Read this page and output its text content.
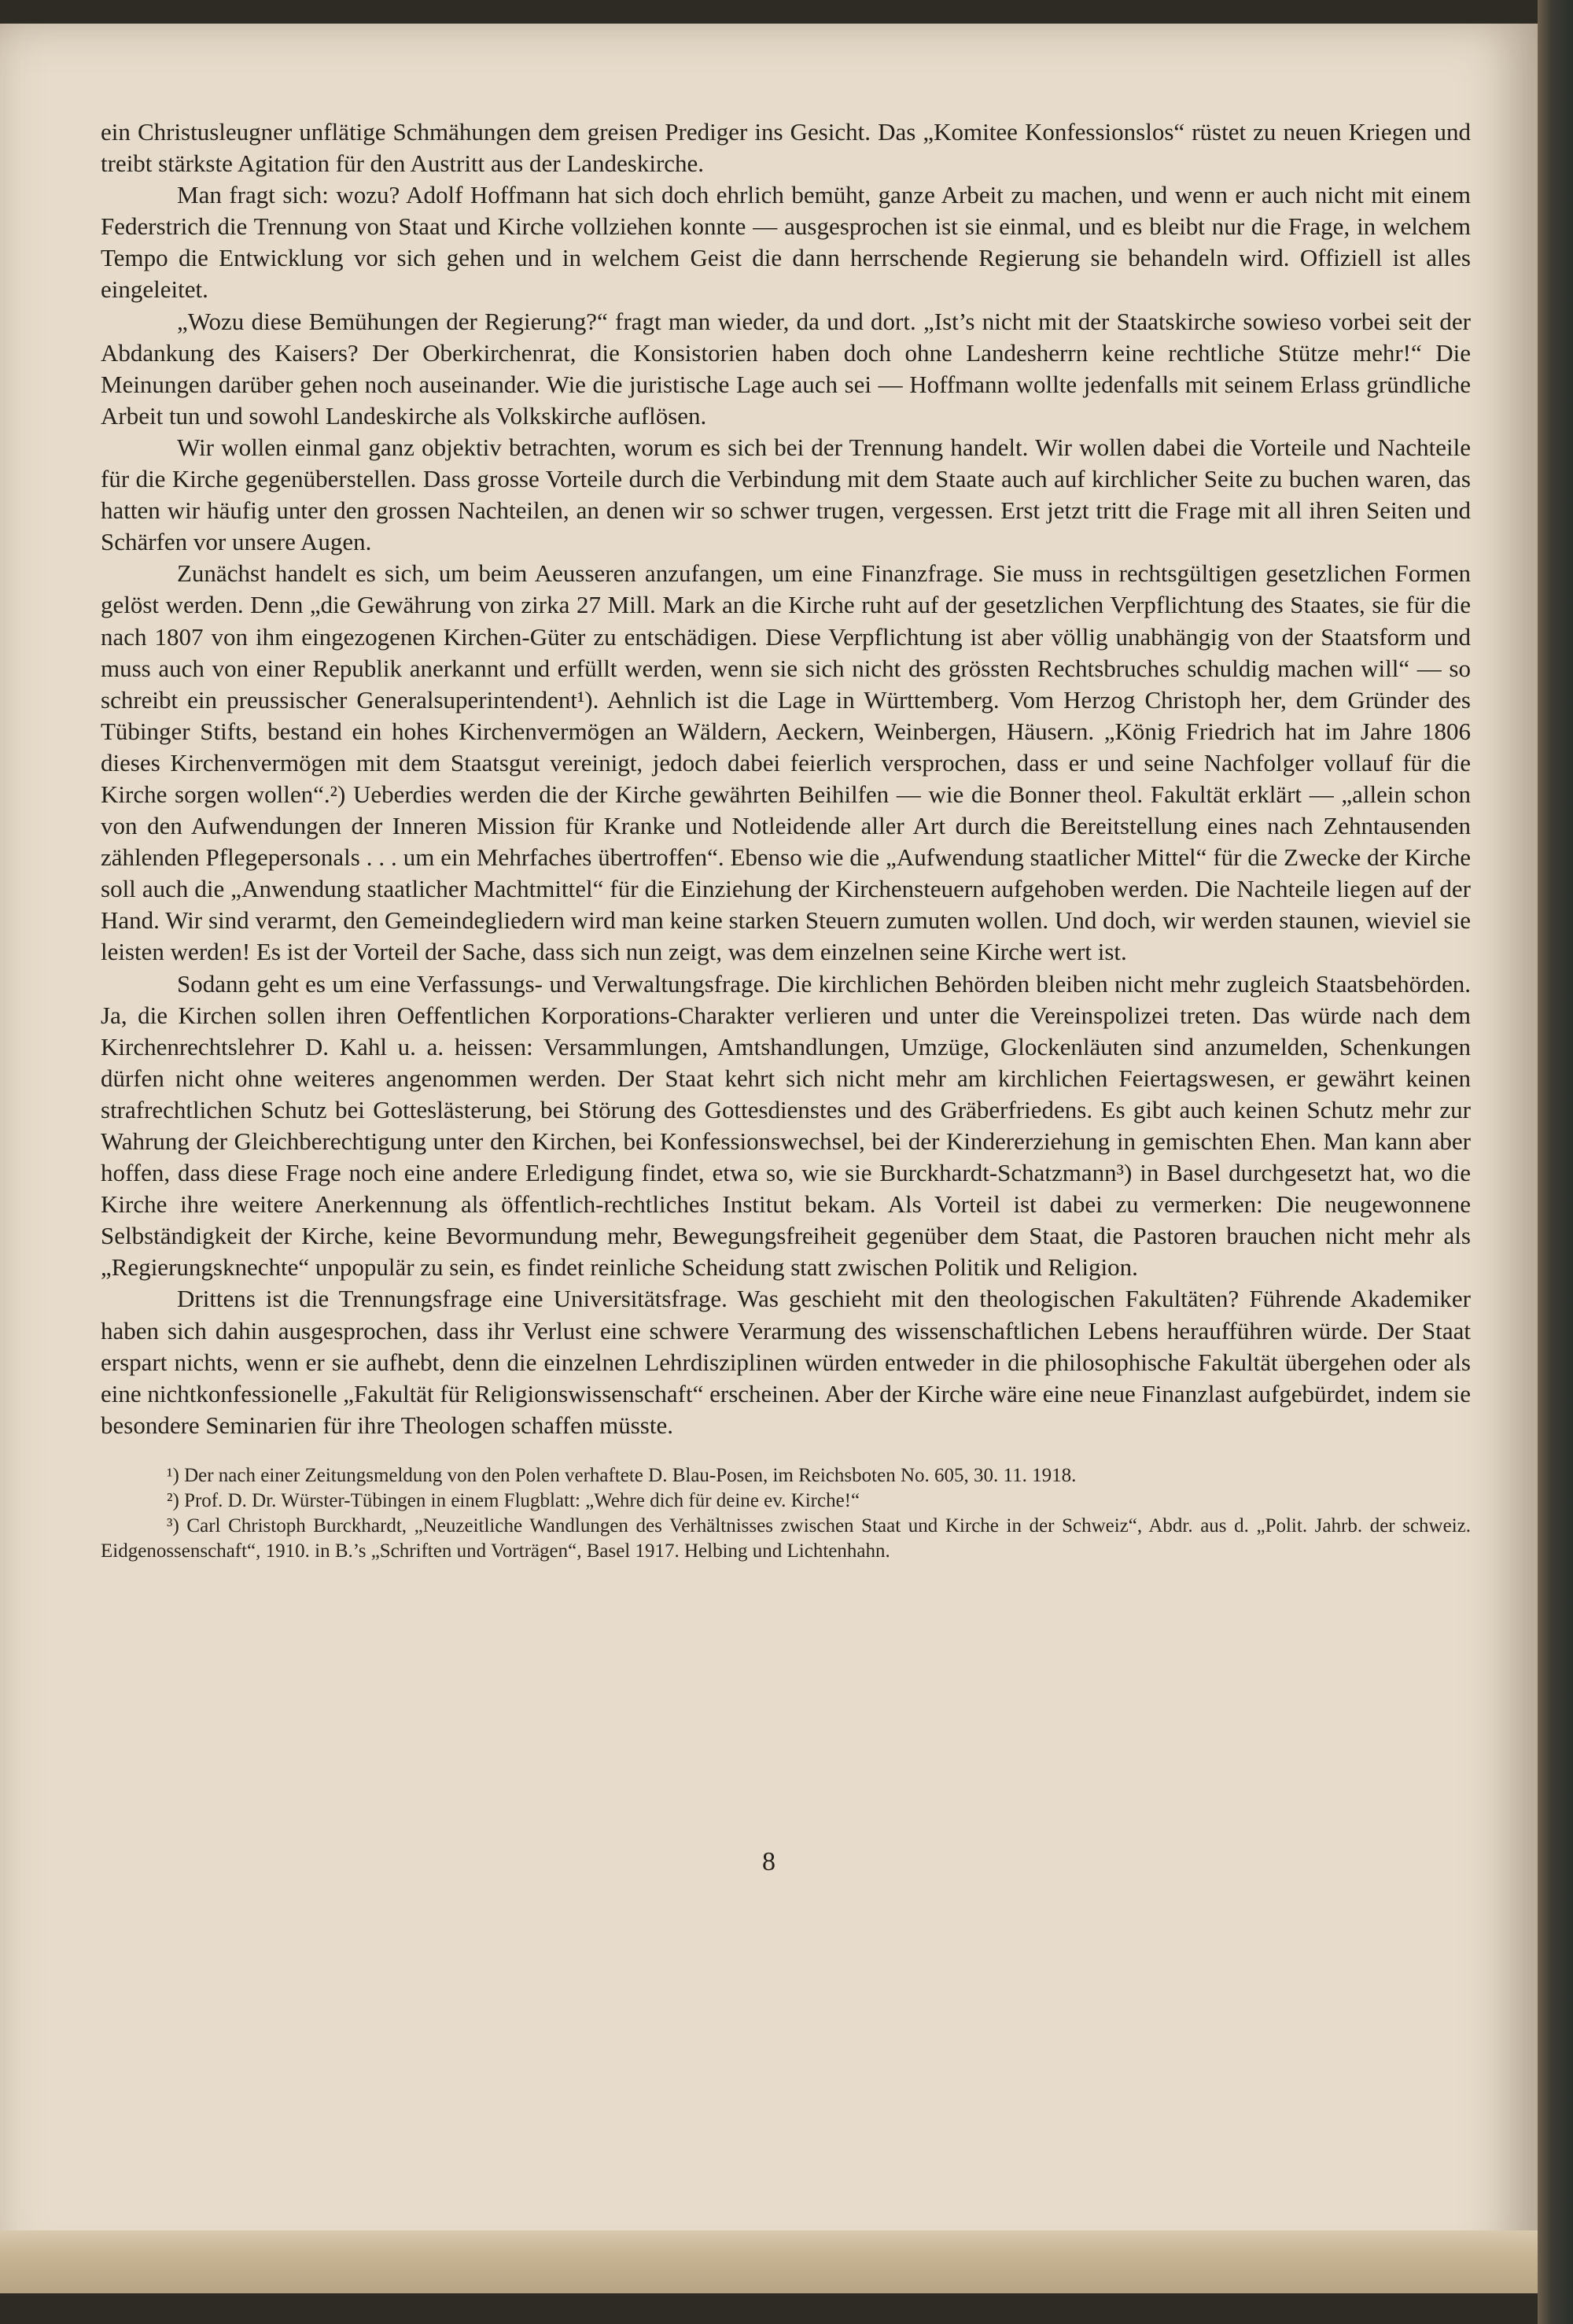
ein Christusleugner unflätige Schmähungen dem greisen Prediger ins Gesicht. Das „Komitee Konfessionslos“ rüstet zu neuen Kriegen und treibt stärkste Agitation für den Austritt aus der Landeskirche.

Man fragt sich: wozu? Adolf Hoffmann hat sich doch ehrlich bemüht, ganze Arbeit zu machen, und wenn er auch nicht mit einem Federstrich die Trennung von Staat und Kirche vollziehen konnte — ausgesprochen ist sie einmal, und es bleibt nur die Frage, in welchem Tempo die Entwicklung vor sich gehen und in welchem Geist die dann herrschende Regierung sie behandeln wird. Offiziell ist alles eingeleitet.

„Wozu diese Bemühungen der Regierung?“ fragt man wieder, da und dort. „Ist’s nicht mit der Staatskirche sowieso vorbei seit der Abdankung des Kaisers? Der Oberkirchenrat, die Konsistorien haben doch ohne Landesherrn keine rechtliche Stütze mehr!“ Die Meinungen darüber gehen noch auseinander. Wie die juristische Lage auch sei — Hoffmann wollte jedenfalls mit seinem Erlass gründliche Arbeit tun und sowohl Landeskirche als Volkskirche auflösen.

Wir wollen einmal ganz objektiv betrachten, worum es sich bei der Trennung handelt. Wir wollen dabei die Vorteile und Nachteile für die Kirche gegenüberstellen. Dass grosse Vorteile durch die Verbindung mit dem Staate auch auf kirchlicher Seite zu buchen waren, das hatten wir häufig unter den grossen Nachteilen, an denen wir so schwer trugen, vergessen. Erst jetzt tritt die Frage mit all ihren Seiten und Schärfen vor unsere Augen.

Zunächst handelt es sich, um beim Aeusseren anzufangen, um eine Finanzfrage. Sie muss in rechtsgültigen gesetzlichen Formen gelöst werden. Denn „die Gewährung von zirka 27 Mill. Mark an die Kirche ruht auf der gesetzlichen Verpflichtung des Staates, sie für die nach 1807 von ihm eingezogenen Kirchen-Güter zu entschädigen. Diese Verpflichtung ist aber völlig unabhängig von der Staatsform und muss auch von einer Republik anerkannt und erfüllt werden, wenn sie sich nicht des grössten Rechtsbruches schuldig machen will“ — so schreibt ein preussischer Generalsuperintendent¹). Aehnlich ist die Lage in Württemberg. Vom Herzog Christoph her, dem Gründer des Tübinger Stifts, bestand ein hohes Kirchenvermögen an Wäldern, Aeckern, Weinbergen, Häusern. „König Friedrich hat im Jahre 1806 dieses Kirchenvermögen mit dem Staatsgut vereinigt, jedoch dabei feierlich versprochen, dass er und seine Nachfolger vollauf für die Kirche sorgen wollen“.²) Ueberdies werden die der Kirche gewährten Beihilfen — wie die Bonner theol. Fakultät erklärt — „allein schon von den Aufwendungen der Inneren Mission für Kranke und Notleidende aller Art durch die Bereitstellung eines nach Zehntausenden zählenden Pflegepersonals . . . um ein Mehrfaches übertroffen“. Ebenso wie die „Aufwendung staatlicher Mittel“ für die Zwecke der Kirche soll auch die „Anwendung staatlicher Machtmittel“ für die Einziehung der Kirchensteuern aufgehoben werden. Die Nachteile liegen auf der Hand. Wir sind verarmt, den Gemeindegliedern wird man keine starken Steuern zumuten wollen. Und doch, wir werden staunen, wieviel sie leisten werden! Es ist der Vorteil der Sache, dass sich nun zeigt, was dem einzelnen seine Kirche wert ist.

Sodann geht es um eine Verfassungs- und Verwaltungsfrage. Die kirchlichen Behörden bleiben nicht mehr zugleich Staatsbehörden. Ja, die Kirchen sollen ihren Oeffentlichen Korporations-Charakter verlieren und unter die Vereinspolizei treten. Das würde nach dem Kirchenrechtslehrer D. Kahl u. a. heissen: Versammlungen, Amtshandlungen, Umzüge, Glockenläuten sind anzumelden, Schenkungen dürfen nicht ohne weiteres angenommen werden. Der Staat kehrt sich nicht mehr am kirchlichen Feiertagswesen, er gewährt keinen strafrechtlichen Schutz bei Gotteslästerung, bei Störung des Gottesdienstes und des Gräberfriedens. Es gibt auch keinen Schutz mehr zur Wahrung der Gleichberechtigung unter den Kirchen, bei Konfessionswechsel, bei der Kindererziehung in gemischten Ehen. Man kann aber hoffen, dass diese Frage noch eine andere Erledigung findet, etwa so, wie sie Burckhardt-Schatzmann³) in Basel durchgesetzt hat, wo die Kirche ihre weitere Anerkennung als öffentlich-rechtliches Institut bekam. Als Vorteil ist dabei zu vermerken: Die neugewonnene Selbständigkeit der Kirche, keine Bevormundung mehr, Bewegungsfreiheit gegenüber dem Staat, die Pastoren brauchen nicht mehr als „Regierungsknechte“ unpopulär zu sein, es findet reinliche Scheidung statt zwischen Politik und Religion.

Drittens ist die Trennungsfrage eine Universitätsfrage. Was geschieht mit den theologischen Fakultäten? Führende Akademiker haben sich dahin ausgesprochen, dass ihr Verlust eine schwere Verarmung des wissenschaftlichen Lebens heraufführen würde. Der Staat erspart nichts, wenn er sie aufhebt, denn die einzelnen Lehrdisziplinen würden entweder in die philosophische Fakultät übergehen oder als eine nichtkonfessionelle „Fakultät für Religionswissenschaft“ erscheinen. Aber der Kirche wäre eine neue Finanzlast aufgebürdet, indem sie besondere Seminarien für ihre Theologen schaffen müsste.

¹) Der nach einer Zeitungsmeldung von den Polen verhaftete D. Blau-Posen, im Reichsboten No. 605, 30. 11. 1918.

²) Prof. D. Dr. Würster-Tübingen in einem Flugblatt: „Wehre dich für deine ev. Kirche!“

³) Carl Christoph Burckhardt, „Neuzeitliche Wandlungen des Verhältnisses zwischen Staat und Kirche in der Schweiz“, Abdr. aus d. „Polit. Jahrb. der schweiz. Eidgenossenschaft“, 1910. in B.’s „Schriften und Vorträgen“, Basel 1917. Helbing und Lichtenhahn.

8
